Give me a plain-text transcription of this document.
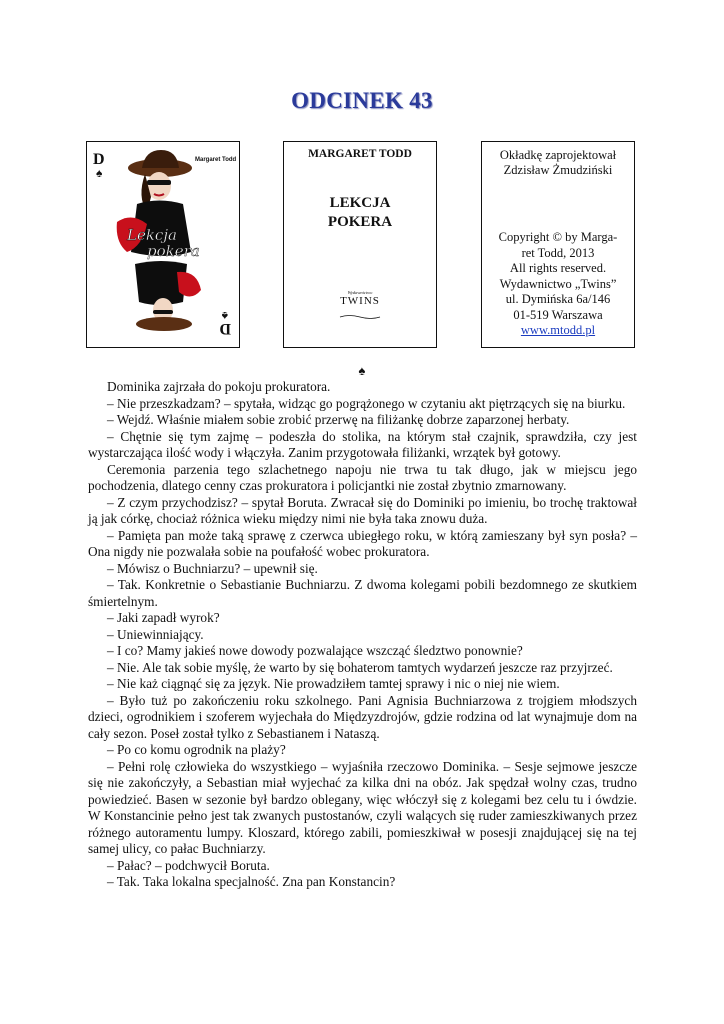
ODCINEK 43
D
♠
Margaret Todd
Lekcja
pokera
D
♠
MARGARET TODD
LEKCJA
POKERA
Wydawnictwo
TWINS
Okładkę zaprojektował
Zdzisław Żmudziński
Copyright © by Marga-
ret Todd, 2013
All rights reserved.
Wydawnictwo „Twins”
ul. Dymińska 6a/146
01-519 Warszawa
www.mtodd.pl
♠

Dominika zajrzała do pokoju prokuratora.

– Nie przeszkadzam? – spytała, widząc go pogrążonego w czytaniu akt piętrzących się na biurku.

– Wejdź. Właśnie miałem sobie zrobić przerwę na filiżankę dobrze zaparzonej herbaty.

– Chętnie się tym zajmę – podeszła do stolika, na którym stał czajnik, sprawdziła, czy jest wystarczająca ilość wody i włączyła. Zanim przygotowała filiżanki, wrzątek był gotowy.

Ceremonia parzenia tego szlachetnego napoju nie trwa tu tak długo, jak w miejscu jego pochodzenia, dlatego cenny czas prokuratora i policjantki nie został zbytnio zmarnowany.

– Z czym przychodzisz? – spytał Boruta. Zwracał się do Dominiki po imieniu, bo trochę traktował ją jak córkę, chociaż różnica wieku między nimi nie była taka znowu duża.

– Pamięta pan może taką sprawę z czerwca ubiegłego roku, w którą zamieszany był syn posła? – Ona nigdy nie pozwalała sobie na poufałość wobec prokuratora.

– Mówisz o Buchniarzu? – upewnił się.

– Tak. Konkretnie o Sebastianie Buchniarzu. Z dwoma kolegami pobili bezdomnego ze skutkiem śmiertelnym.

– Jaki zapadł wyrok?

– Uniewinniający.

– I co? Mamy jakieś nowe dowody pozwalające wszcząć śledztwo ponownie?

– Nie. Ale tak sobie myślę, że warto by się bohaterom tamtych wydarzeń jeszcze raz przyjrzeć.

– Nie każ ciągnąć się za język. Nie prowadziłem tamtej sprawy i nic o niej nie wiem.

– Było tuż po zakończeniu roku szkolnego. Pani Agnisia Buchniarzowa z trojgiem młodszych dzieci, ogrodnikiem i szoferem wyjechała do Międzyzdrojów, gdzie rodzina od lat wynajmuje dom na cały sezon. Poseł został tylko z Sebastianem i Nataszą.

– Po co komu ogrodnik na plaży?

– Pełni rolę człowieka do wszystkiego – wyjaśniła rzeczowo Dominika. – Sesje sejmowe jeszcze się nie zakończyły, a Sebastian miał wyjechać za kilka dni na obóz. Jak spędzał wolny czas, trudno powiedzieć. Basen w sezonie był bardzo oblegany, więc włóczył się z kolegami bez celu tu i ówdzie. W Konstancinie pełno jest tak zwanych pustostanów, czyli walących się ruder zamieszkiwanych przez różnego autoramentu lumpy. Kloszard, którego zabili, pomieszkiwał w posesji znajdującej się na tej samej ulicy, co pałac Buchniarzy.

– Pałac? – podchwycił Boruta.

– Tak. Taka lokalna specjalność. Zna pan Konstancin?
